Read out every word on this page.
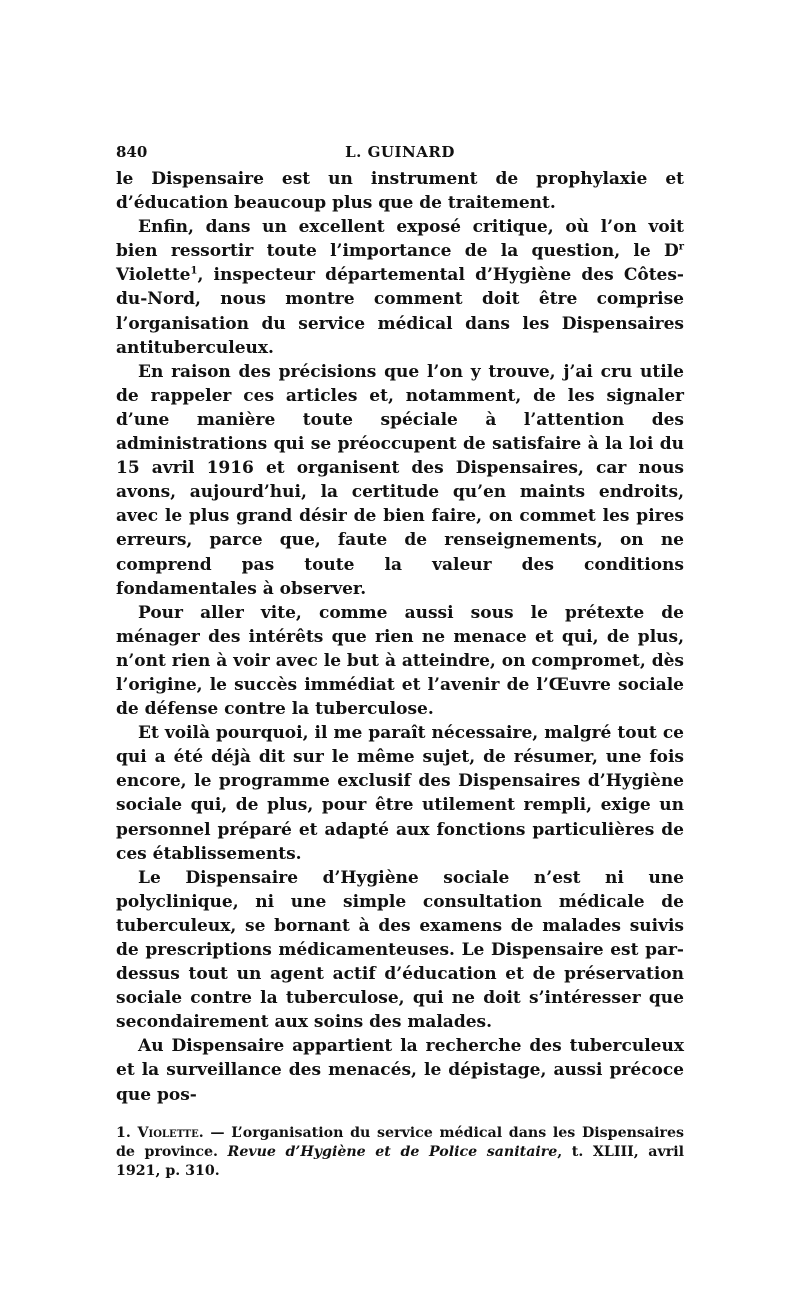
840	L. GUINARD

le Dispensaire est un instrument de prophylaxie et d’éducation beaucoup plus que de traitement.

Enfin, dans un excellent exposé critique, où l’on voit bien ressortir toute l’importance de la question, le $D^r$ Violette$^1$, inspecteur départemental d’Hygiène des Côtes-du-Nord, nous montre comment doit être comprise l’organisation du service médical dans les Dispensaires antituberculeux.

En raison des précisions que l’on y trouve, j’ai cru utile de rappeler ces articles et, notamment, de les signaler d’une manière toute spéciale à l’attention des administrations qui se préoccupent de satisfaire à la loi du 15 avril 1916 et organisent des Dispensaires, car nous avons, aujourd’hui, la certitude qu’en maints endroits, avec le plus grand désir de bien faire, on commet les pires erreurs, parce que, faute de renseignements, on ne comprend pas toute la valeur des conditions fondamentales à observer.

Pour aller vite, comme aussi sous le prétexte de ménager des intérêts que rien ne menace et qui, de plus, n’ont rien à voir avec le but à atteindre, on compromet, dès l’origine, le succès immédiat et l’avenir de l’Œuvre sociale de défense contre la tuberculose.

Et voilà pourquoi, il me paraît nécessaire, malgré tout ce qui a été déjà dit sur le même sujet, de résumer, une fois encore, le programme exclusif des Dispensaires d’Hygiène sociale qui, de plus, pour être utilement rempli, exige un personnel préparé et adapté aux fonctions particulières de ces établissements.

Le Dispensaire d’Hygiène sociale n’est ni une polyclinique, ni une simple consultation médicale de tuberculeux, se bornant à des examens de malades suivis de prescriptions médicamenteuses. Le Dispensaire est par-dessus tout un agent actif d’éducation et de préservation sociale contre la tuberculose, qui ne doit s’intéresser que secondairement aux soins des malades.

Au Dispensaire appartient la recherche des tuberculeux et la surveillance des menacés, le dépistage, aussi précoce que pos-

1. Violette. — L’organisation du service médical dans les Dispensaires de province. Revue d’Hygiène et de Police sanitaire, t. XLIII, avril 1921, p. 310.
